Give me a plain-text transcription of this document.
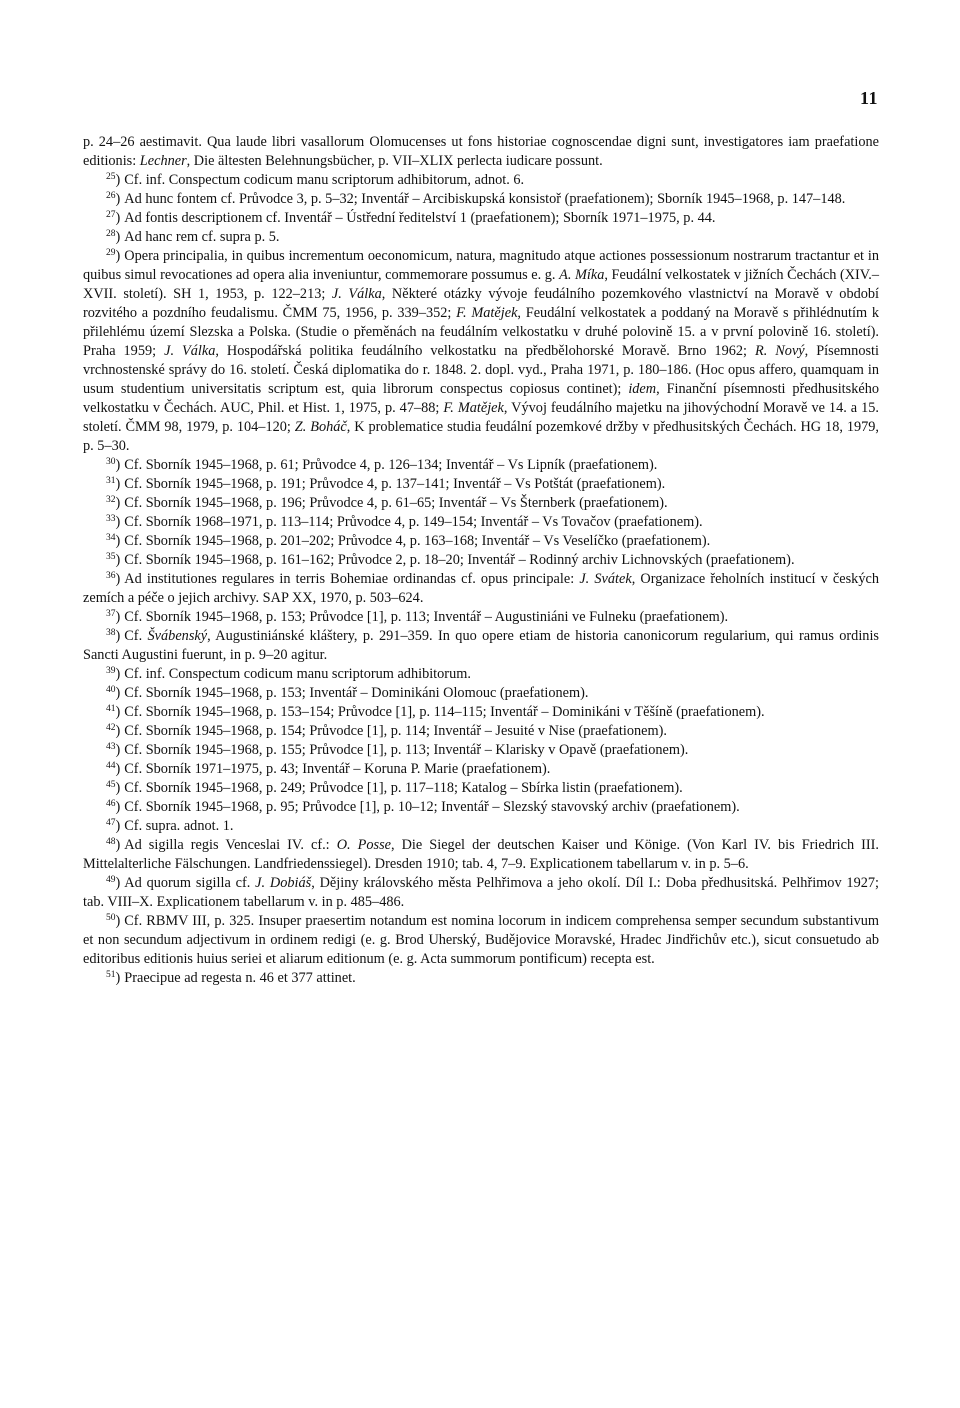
11

p. 24–26 aestimavit. Qua laude libri vasallorum Olomucenses ut fons historiae cognoscendae digni sunt, investigatores iam praefatione editionis: Lechner, Die ältesten Belehnungsbücher, p. VII–XLIX perlecta iudicare possunt.

$^{25}$) Cf. inf. Conspectum codicum manu scriptorum adhibitorum, adnot. 6.

$^{26}$) Ad hunc fontem cf. Průvodce 3, p. 5–32; Inventář – Arcibiskupská konsistoř (praefationem); Sborník 1945–1968, p. 147–148.

$^{27}$) Ad fontis descriptionem cf. Inventář – Ústřední ředitelství 1 (praefationem); Sborník 1971–1975, p. 44.

$^{28}$) Ad hanc rem cf. supra p. 5.

$^{29}$) Opera principalia, in quibus incrementum oeconomicum, natura, magnitudo atque actiones possessionum nostrarum tractantur et in quibus simul revocationes ad opera alia inveniuntur, commemorare possumus e. g. A. Míka, Feudální velkostatek v jižních Čechách (XIV.–XVII. století). SH 1, 1953, p. 122–213; J. Válka, Některé otázky vývoje feudálního pozemkového vlastnictví na Moravě v období rozvitého a pozdního feudalismu. ČMM 75, 1956, p. 339–352; F. Matějek, Feudální velkostatek a poddaný na Moravě s přihlédnutím k přilehlému území Slezska a Polska. (Studie o přeměnách na feudálním velkostatku v druhé polovině 15. a v první polovině 16. století). Praha 1959; J. Válka, Hospodářská politika feudálního velkostatku na předbělohorské Moravě. Brno 1962; R. Nový, Písemnosti vrchnostenské správy do 16. století. Česká diplomatika do r. 1848. 2. dopl. vyd., Praha 1971, p. 180–186. (Hoc opus affero, quamquam in usum studentium universitatis scriptum est, quia librorum conspectus copiosus continet); idem, Finanční písemnosti předhusitského velkostatku v Čechách. AUC, Phil. et Hist. 1, 1975, p. 47–88; F. Matějek, Vývoj feudálního majetku na jihovýchodní Moravě ve 14. a 15. století. ČMM 98, 1979, p. 104–120; Z. Boháč, K problematice studia feudální pozemkové držby v předhusitských Čechách. HG 18, 1979, p. 5–30.

$^{30}$) Cf. Sborník 1945–1968, p. 61; Průvodce 4, p. 126–134; Inventář – Vs Lipník (praefationem).

$^{31}$) Cf. Sborník 1945–1968, p. 191; Průvodce 4, p. 137–141; Inventář – Vs Potštát (praefationem).

$^{32}$) Cf. Sborník 1945–1968, p. 196; Průvodce 4, p. 61–65; Inventář – Vs Šternberk (praefationem).

$^{33}$) Cf. Sborník 1968–1971, p. 113–114; Průvodce 4, p. 149–154; Inventář – Vs Tovačov (praefationem).

$^{34}$) Cf. Sborník 1945–1968, p. 201–202; Průvodce 4, p. 163–168; Inventář – Vs Veselíčko (praefationem).

$^{35}$) Cf. Sborník 1945–1968, p. 161–162; Průvodce 2, p. 18–20; Inventář – Rodinný archiv Lichnovských (praefationem).

$^{36}$) Ad institutiones regulares in terris Bohemiae ordinandas cf. opus principale: J. Svátek, Organizace řeholních institucí v českých zemích a péče o jejich archivy. SAP XX, 1970, p. 503–624.

$^{37}$) Cf. Sborník 1945–1968, p. 153; Průvodce [1], p. 113; Inventář – Augustiniáni ve Fulneku (praefationem).

$^{38}$) Cf. Švábenský, Augustiniánské kláštery, p. 291–359. In quo opere etiam de historia canonicorum regularium, qui ramus ordinis Sancti Augustini fuerunt, in p. 9–20 agitur.

$^{39}$) Cf. inf. Conspectum codicum manu scriptorum adhibitorum.

$^{40}$) Cf. Sborník 1945–1968, p. 153; Inventář – Dominikáni Olomouc (praefationem).

$^{41}$) Cf. Sborník 1945–1968, p. 153–154; Průvodce [1], p. 114–115; Inventář – Dominikáni v Těšíně (praefationem).

$^{42}$) Cf. Sborník 1945–1968, p. 154; Průvodce [1], p. 114; Inventář – Jesuité v Nise (praefationem).

$^{43}$) Cf. Sborník 1945–1968, p. 155; Průvodce [1], p. 113; Inventář – Klarisky v Opavě (praefationem).

$^{44}$) Cf. Sborník 1971–1975, p. 43; Inventář – Koruna P. Marie (praefationem).

$^{45}$) Cf. Sborník 1945–1968, p. 249; Průvodce [1], p. 117–118; Katalog – Sbírka listin (praefationem).

$^{46}$) Cf. Sborník 1945–1968, p. 95; Průvodce [1], p. 10–12; Inventář – Slezský stavovský archiv (praefationem).

$^{47}$) Cf. supra. adnot. 1.

$^{48}$) Ad sigilla regis Venceslai IV. cf.: O. Posse, Die Siegel der deutschen Kaiser und Könige. (Von Karl IV. bis Friedrich III. Mittelalterliche Fälschungen. Landfriedenssiegel). Dresden 1910; tab. 4, 7–9. Explicationem tabellarum v. in p. 5–6.

$^{49}$) Ad quorum sigilla cf. J. Dobiáš, Dějiny královského města Pelhřimova a jeho okolí. Díl I.: Doba předhusitská. Pelhřimov 1927; tab. VIII–X. Explicationem tabellarum v. in p. 485–486.

$^{50}$) Cf. RBMV III, p. 325. Insuper praesertim notandum est nomina locorum in indicem comprehensa semper secundum substantivum et non secundum adjectivum in ordinem redigi (e. g. Brod Uherský, Budějovice Moravské, Hradec Jindřichův etc.), sicut consuetudo ab editoribus editionis huius seriei et aliarum editionum (e. g. Acta summorum pontificum) recepta est.

$^{51}$) Praecipue ad regesta n. 46 et 377 attinet.
